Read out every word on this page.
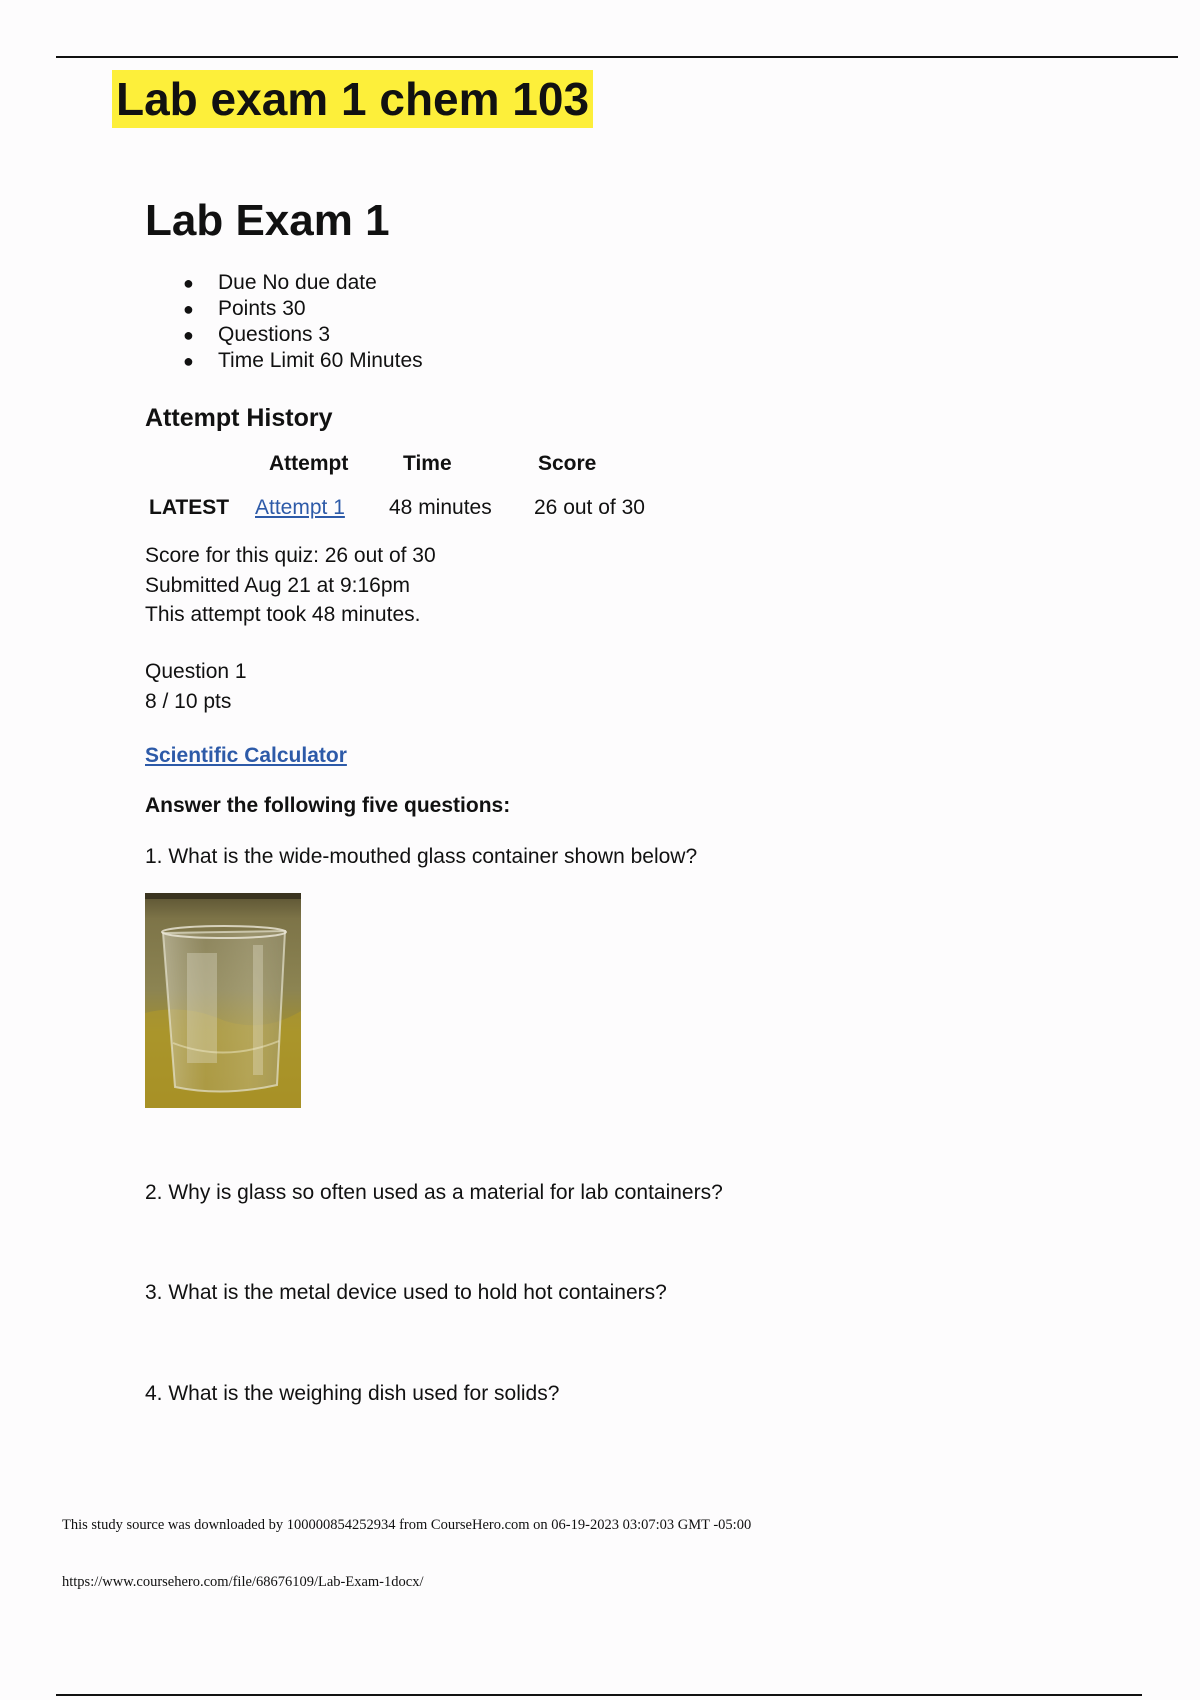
Lab exam 1 chem 103
Lab Exam 1
● Due No due date
● Points 30
● Questions 3
● Time Limit 60 Minutes
Attempt History
	Attempt	Time	Score
LATEST	Attempt 1	48 minutes	26 out of 30
Score for this quiz: 26 out of 30
Submitted Aug 21 at 9:16pm
This attempt took 48 minutes.
Question 1
8 / 10 pts
Scientific Calculator
Answer the following five questions:
1. What is the wide-mouthed glass container shown below?
2. Why is glass so often used as a material for lab containers?
3. What is the metal device used to hold hot containers?
4. What is the weighing dish used for solids?
This study source was downloaded by 100000854252934 from CourseHero.com on 06-19-2023 03:07:03 GMT -05:00
https://www.coursehero.com/file/68676109/Lab-Exam-1docx/
